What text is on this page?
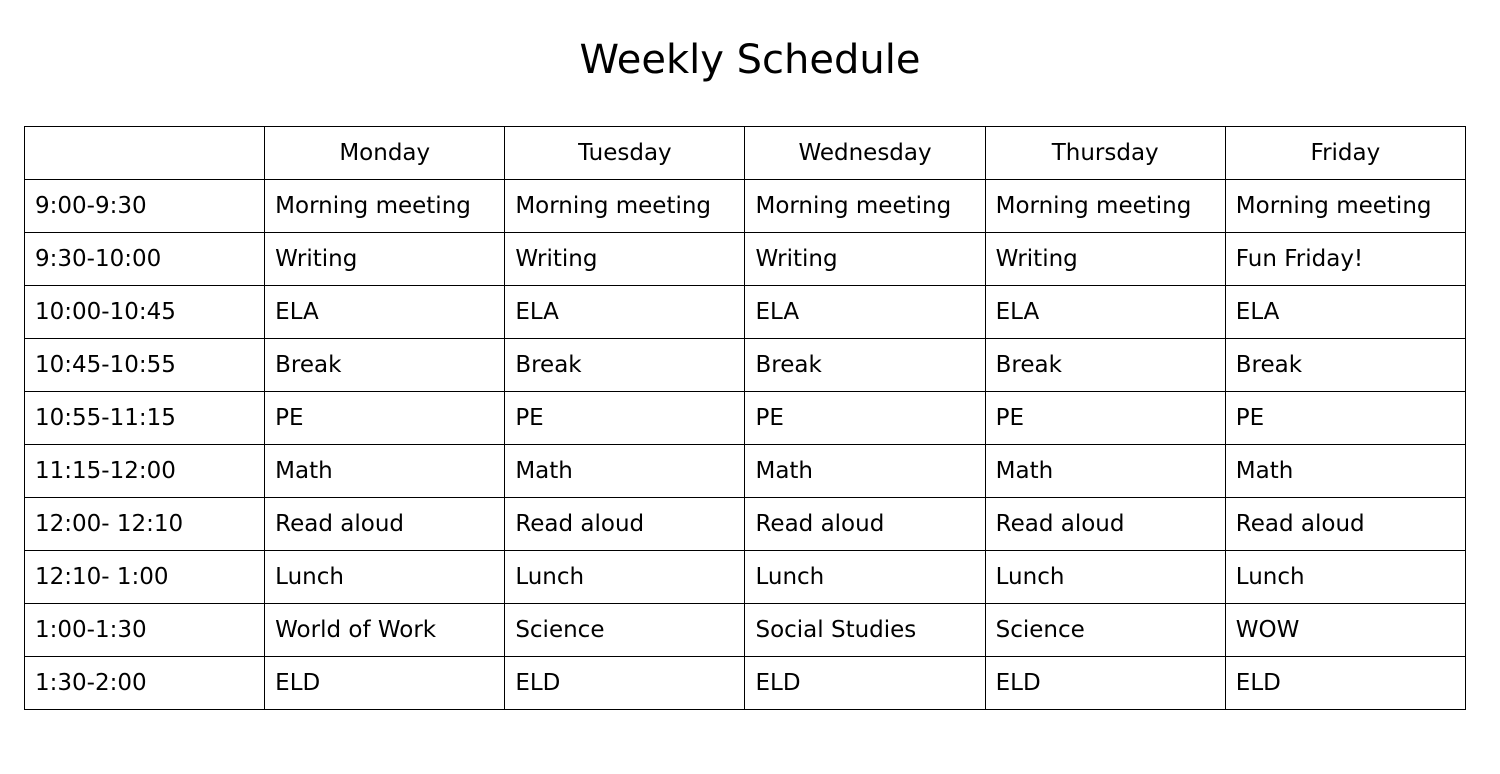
Weekly Schedule
	Monday	Tuesday	Wednesday	Thursday	Friday
9:00-9:30	Morning meeting	Morning meeting	Morning meeting	Morning meeting	Morning meeting
9:30-10:00	Writing	Writing	Writing	Writing	Fun Friday!
10:00-10:45	ELA	ELA	ELA	ELA	ELA
10:45-10:55	Break	Break	Break	Break	Break
10:55-11:15	PE	PE	PE	PE	PE
11:15-12:00	Math	Math	Math	Math	Math
12:00- 12:10	Read aloud	Read aloud	Read aloud	Read aloud	Read aloud
12:10- 1:00	Lunch	Lunch	Lunch	Lunch	Lunch
1:00-1:30	World of Work	Science	Social Studies	Science	WOW
1:30-2:00	ELD	ELD	ELD	ELD	ELD
